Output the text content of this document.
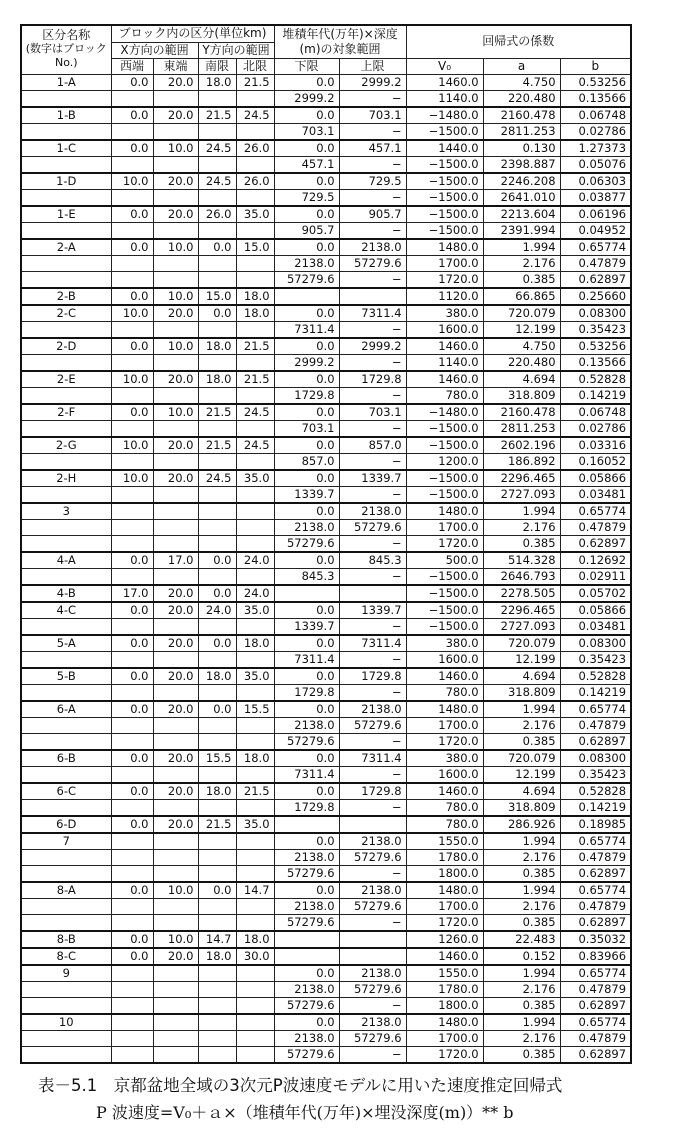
区分名称
(数字はブロックNo.)	ブロック内の区分(単位km)				堆積年代(万年)×深度(m)の対象範囲		回帰式の係数		
	X方向の範囲		Y方向の範囲						
	西端	東端	南限	北限	下限	上限	V₀	a	b
1-A	0.0	20.0	18.0	21.5	0.0	2999.2	1460.0	4.750	0.53256
					2999.2	−	1140.0	220.480	0.13566
1-B	0.0	20.0	21.5	24.5	0.0	703.1	−1480.0	2160.478	0.06748
					703.1	−	−1500.0	2811.253	0.02786
1-C	0.0	10.0	24.5	26.0	0.0	457.1	1440.0	0.130	1.27373
					457.1	−	−1500.0	2398.887	0.05076
1-D	10.0	20.0	24.5	26.0	0.0	729.5	−1500.0	2246.208	0.06303
					729.5	−	−1500.0	2641.010	0.03877
1-E	0.0	20.0	26.0	35.0	0.0	905.7	−1500.0	2213.604	0.06196
					905.7	−	−1500.0	2391.994	0.04952
2-A	0.0	10.0	0.0	15.0	0.0	2138.0	1480.0	1.994	0.65774
					2138.0	57279.6	1700.0	2.176	0.47879
					57279.6	−	1720.0	0.385	0.62897
2-B	0.0	10.0	15.0	18.0			1120.0	66.865	0.25660
2-C	10.0	20.0	0.0	18.0	0.0	7311.4	380.0	720.079	0.08300
					7311.4	−	1600.0	12.199	0.35423
2-D	0.0	10.0	18.0	21.5	0.0	2999.2	1460.0	4.750	0.53256
					2999.2	−	1140.0	220.480	0.13566
2-E	10.0	20.0	18.0	21.5	0.0	1729.8	1460.0	4.694	0.52828
					1729.8	−	780.0	318.809	0.14219
2-F	0.0	10.0	21.5	24.5	0.0	703.1	−1480.0	2160.478	0.06748
					703.1	−	−1500.0	2811.253	0.02786
2-G	10.0	20.0	21.5	24.5	0.0	857.0	−1500.0	2602.196	0.03316
					857.0	−	1200.0	186.892	0.16052
2-H	10.0	20.0	24.5	35.0	0.0	1339.7	−1500.0	2296.465	0.05866
					1339.7	−	−1500.0	2727.093	0.03481
3					0.0	2138.0	1480.0	1.994	0.65774
					2138.0	57279.6	1700.0	2.176	0.47879
					57279.6	−	1720.0	0.385	0.62897
4-A	0.0	17.0	0.0	24.0	0.0	845.3	500.0	514.328	0.12692
					845.3	−	−1500.0	2646.793	0.02911
4-B	17.0	20.0	0.0	24.0			−1500.0	2278.505	0.05702
4-C	0.0	20.0	24.0	35.0	0.0	1339.7	−1500.0	2296.465	0.05866
					1339.7	−	−1500.0	2727.093	0.03481
5-A	0.0	20.0	0.0	18.0	0.0	7311.4	380.0	720.079	0.08300
					7311.4	−	1600.0	12.199	0.35423
5-B	0.0	20.0	18.0	35.0	0.0	1729.8	1460.0	4.694	0.52828
					1729.8	−	780.0	318.809	0.14219
6-A	0.0	20.0	0.0	15.5	0.0	2138.0	1480.0	1.994	0.65774
					2138.0	57279.6	1700.0	2.176	0.47879
					57279.6	−	1720.0	0.385	0.62897
6-B	0.0	20.0	15.5	18.0	0.0	7311.4	380.0	720.079	0.08300
					7311.4	−	1600.0	12.199	0.35423
6-C	0.0	20.0	18.0	21.5	0.0	1729.8	1460.0	4.694	0.52828
					1729.8	−	780.0	318.809	0.14219
6-D	0.0	20.0	21.5	35.0			780.0	286.926	0.18985
7					0.0	2138.0	1550.0	1.994	0.65774
					2138.0	57279.6	1780.0	2.176	0.47879
					57279.6	−	1800.0	0.385	0.62897
8-A	0.0	10.0	0.0	14.7	0.0	2138.0	1480.0	1.994	0.65774
					2138.0	57279.6	1700.0	2.176	0.47879
					57279.6	−	1720.0	0.385	0.62897
8-B	0.0	10.0	14.7	18.0			1260.0	22.483	0.35032
8-C	0.0	20.0	18.0	30.0			1460.0	0.152	0.83966
9					0.0	2138.0	1550.0	1.994	0.65774
					2138.0	57279.6	1780.0	2.176	0.47879
					57279.6	−	1800.0	0.385	0.62897
10					0.0	2138.0	1480.0	1.994	0.65774
					2138.0	57279.6	1700.0	2.176	0.47879
					57279.6	−	1720.0	0.385	0.62897
表－5.1　京都盆地全域の3次元P波速度モデルに用いた速度推定回帰式
P 波速度=V₀＋ａ×（堆積年代(万年)×埋没深度(m)）** b
